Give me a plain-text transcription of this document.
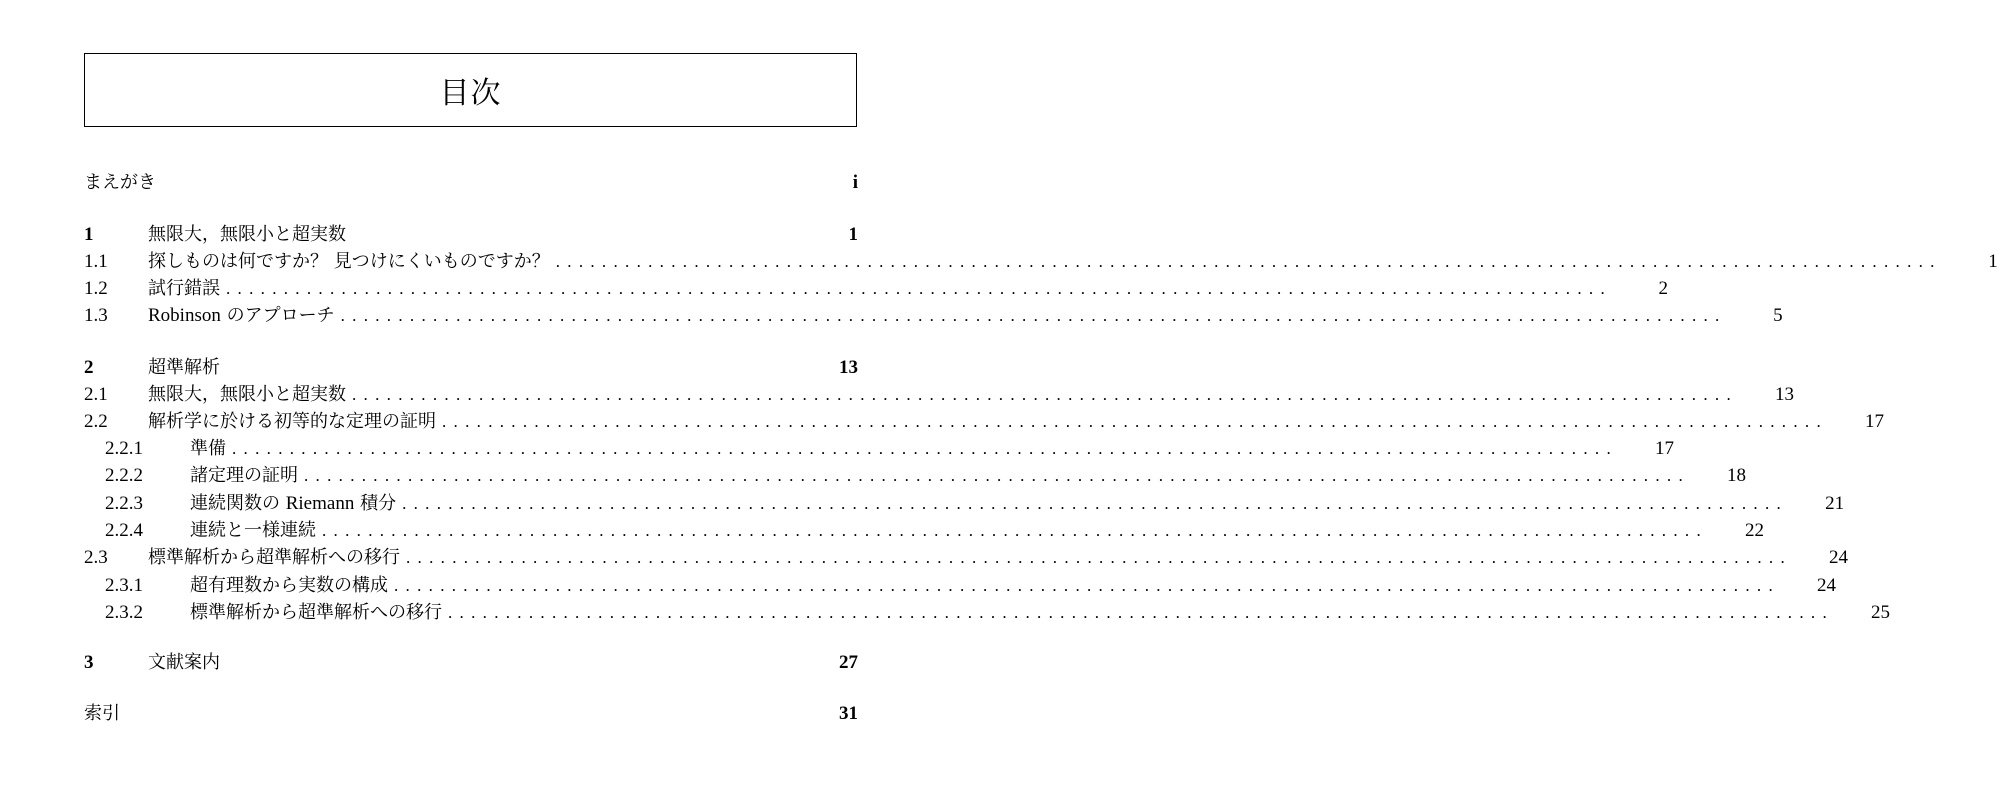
目次
まえがき	i
1	無限大，無限小と超実数	1
1.1	探しものは何ですか？ 見つけにくいものですか？ ........................................................................................................................	1
1.2	試行錯誤 ........................................................................................................................	2
1.3	Robinson のアプローチ ........................................................................................................................	5
2	超準解析	13
2.1	無限大，無限小と超実数 ........................................................................................................................	13
2.2	解析学に於ける初等的な定理の証明 ........................................................................................................................	17
2.2.1	準備 ........................................................................................................................	17
2.2.2	諸定理の証明 ........................................................................................................................	18
2.2.3	連続関数の Riemann 積分 ........................................................................................................................	21
2.2.4	連続と一様連続 ........................................................................................................................	22
2.3	標準解析から超準解析への移行 ........................................................................................................................	24
2.3.1	超有理数から実数の構成 ........................................................................................................................	24
2.3.2	標準解析から超準解析への移行 ........................................................................................................................	25
3	文献案内	27
索引	31
